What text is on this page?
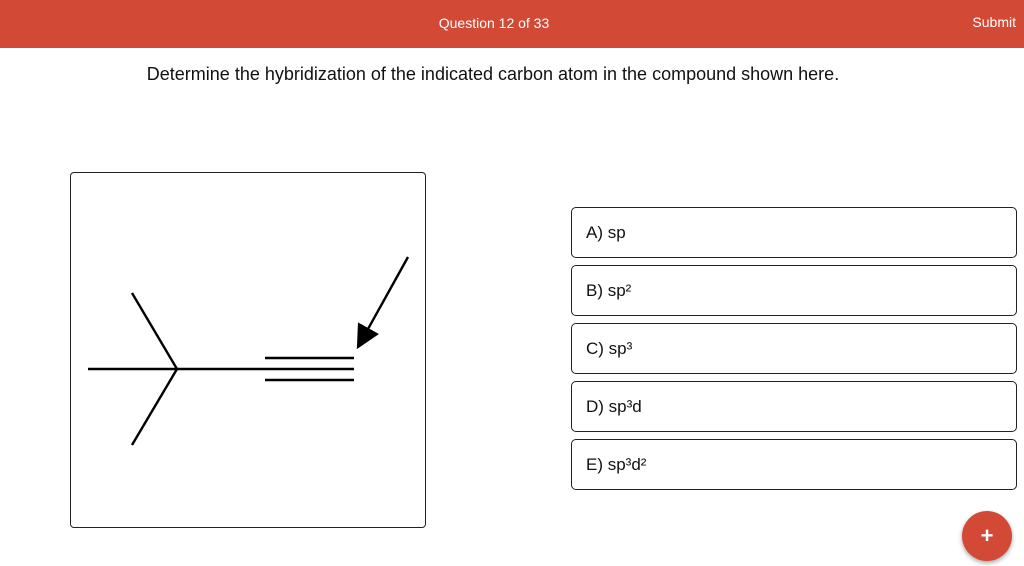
Question 12 of 33	Submit
Determine the hybridization of the indicated carbon atom in the compound shown here.
A) sp
B) sp²
C) sp³
D) sp³d
E) sp³d²
+
